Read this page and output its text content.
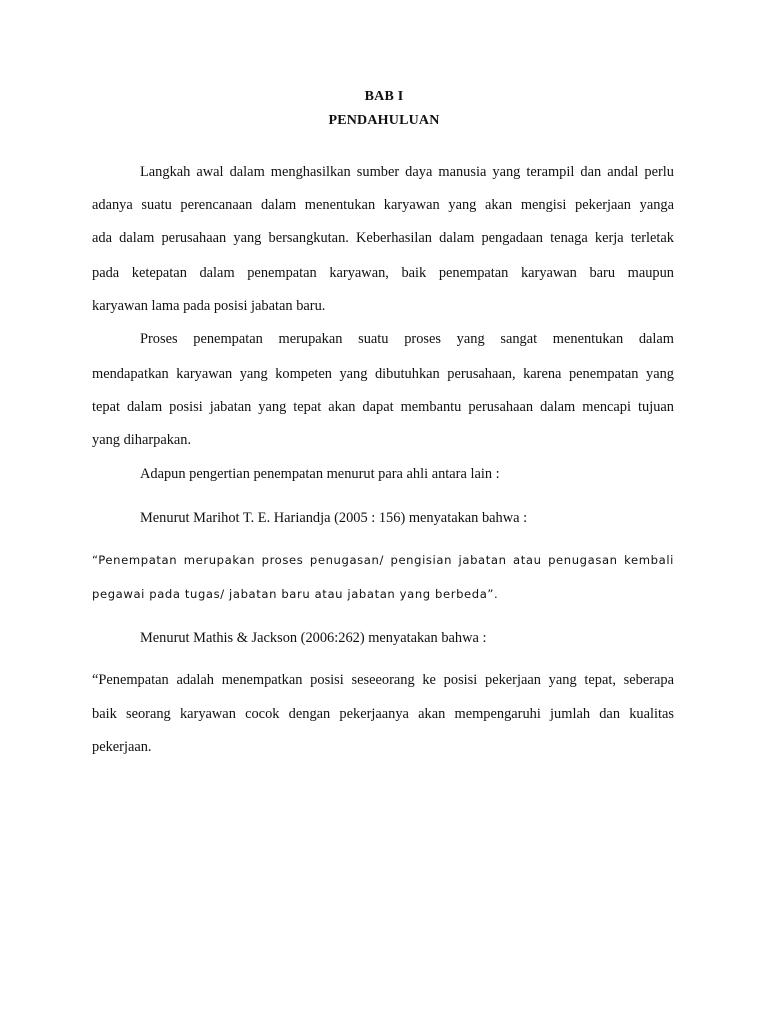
BAB I
PENDAHULUAN
Langkah awal dalam menghasilkan sumber daya manusia yang terampil dan andal perlu
adanya suatu perencanaan dalam menentukan karyawan yang akan mengisi pekerjaan yanga
ada dalam perusahaan yang bersangkutan. Keberhasilan dalam pengadaan tenaga kerja terletak
pada ketepatan dalam penempatan karyawan, baik penempatan karyawan baru maupun
karyawan lama pada posisi jabatan baru.
Proses penempatan merupakan suatu proses yang sangat menentukan dalam
mendapatkan karyawan yang kompeten yang dibutuhkan perusahaan, karena penempatan yang
tepat dalam posisi jabatan yang tepat akan dapat membantu perusahaan dalam mencapi tujuan
yang diharpakan.
Adapun pengertian penempatan menurut para ahli antara lain :
Menurut Marihot T. E. Hariandja (2005 : 156) menyatakan bahwa :
“Penempatan merupakan proses penugasan/ pengisian jabatan atau penugasan kembali
pegawai pada tugas/ jabatan baru atau jabatan yang berbeda”.
Menurut Mathis & Jackson (2006:262) menyatakan bahwa :
“Penempatan adalah menempatkan posisi seseeorang ke posisi pekerjaan yang tepat, seberapa
baik seorang karyawan cocok dengan pekerjaanya akan mempengaruhi jumlah dan kualitas
pekerjaan.
